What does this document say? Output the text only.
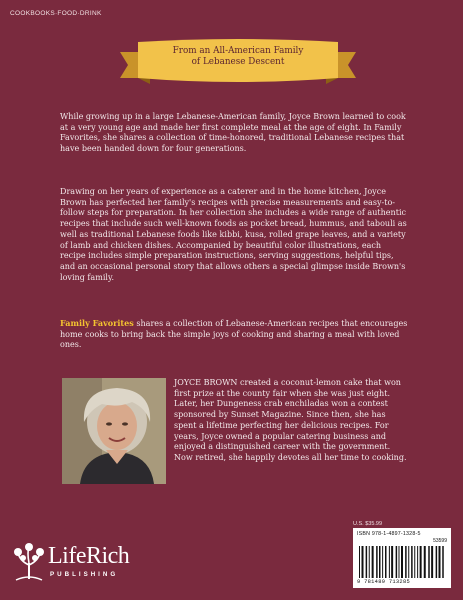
COOKBOOKS·FOOD·DRINK
From an All-American Family
of Lebanese Descent
While growing up in a large Lebanese-American family, Joyce Brown learned to cook at a very young age and made her first complete meal at the age of eight. In Family Favorites, she shares a collection of time-honored, traditional Lebanese recipes that have been handed down for four generations.
Drawing on her years of experience as a caterer and in the home kitchen, Joyce Brown has perfected her family's recipes with precise measurements and easy-to-follow steps for preparation. In her collection she includes a wide range of authentic recipes that include such well-known foods as pocket bread, hummus, and tabouli as well as traditional Lebanese foods like kibbi, kusa, rolled grape leaves, and a variety of lamb and chicken dishes. Accompanied by beautiful color illustrations, each recipe includes simple preparation instructions, serving suggestions, helpful tips, and an occasional personal story that allows others a special glimpse inside Brown's loving family.
Family Favorites shares a collection of Lebanese-American recipes that encourages home cooks to bring back the simple joys of cooking and sharing a meal with loved ones.
JOYCE BROWN created a coconut-lemon cake that won first prize at the county fair when she was just eight. Later, her Dungeness crab enchiladas won a contest sponsored by Sunset Magazine. Since then, she has spent a lifetime perfecting her delicious recipes. For years, Joyce owned a popular catering business and enjoyed a distinguished career with the government. Now retired, she happily devotes all her time to cooking.
U.S. $35.99
ISBN 978-1-4897-1328-5
53599
9 781489 713285
LifeRich
PUBLISHING
